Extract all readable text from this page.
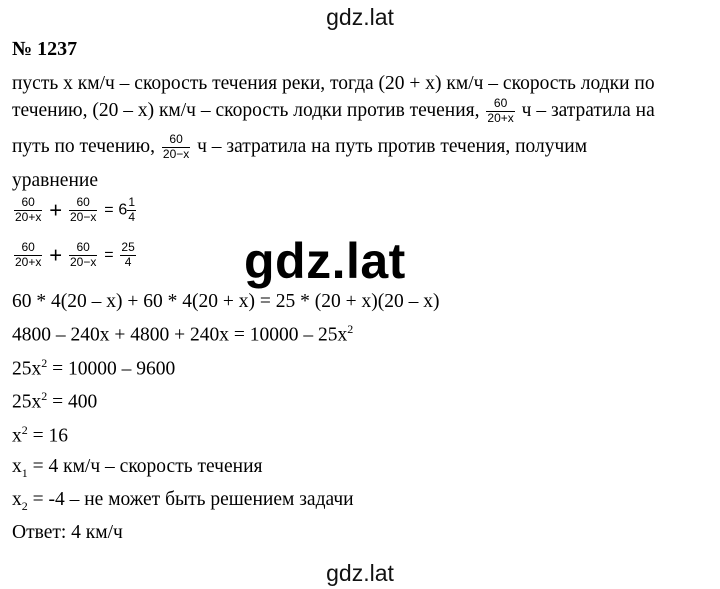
gdz.lat
gdz.lat
gdz.lat
№ 1237
пусть x км/ч – скорость течения реки, тогда (20 + x) км/ч – скорость лодки по
течению, (20 – x) км/ч – скорость лодки против течения, $\frac{60}{20+x}$ ч – затратила на
путь по течению, $\frac{60}{20-x}$ ч – затратила на путь против течения, получим
уравнение
$\frac{60}{20+x} + \frac{60}{20-x} = 6 \frac{1}{4}$
$\frac{60}{20+x} + \frac{60}{20-x} = \frac{25}{4}$
60 * 4(20 – x) + 60 * 4(20 + x) = 25 * (20 + x)(20 – x)
$4800 - 240x + 4800 + 240x = 10000 - 25x^2$
$25x^2 = 10000 - 9600$
$25x^2 = 400$
$x^2 = 16$
$x_1 = 4$ км/ч – скорость течения
$x_2 = -4$ – не может быть решением задачи
Ответ: 4 км/ч
